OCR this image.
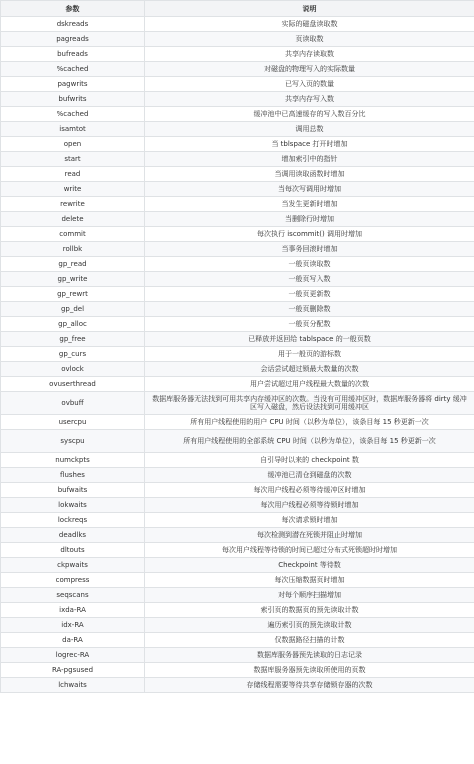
参数	说明
dskreads	实际的磁盘读取数
pagreads	页读取数
bufreads	共享内存读取数
%cached	对磁盘的物理写入的实际数量
pagwrits	已写入页的数量
bufwrits	共享内存写入数
%cached	缓冲池中已高速缓存的写入数百分比
isamtot	调用总数
open	当 tblspace 打开时增加
start	增加索引中的指针
read	当调用读取函数时增加
write	当每次写调用时增加
rewrite	当发生更新时增加
delete	当删除行时增加
commit	每次执行 iscommit() 调用时增加
rollbk	当事务回滚时增加
gp_read	一般页读取数
gp_write	一般页写入数
gp_rewrt	一般页更新数
gp_del	一般页删除数
gp_alloc	一般页分配数
gp_free	已释放并返回给 tablspace 的一般页数
gp_curs	用于一般页的游标数
ovlock	会话尝试超过锁最大数量的次数
ovuserthread	用户尝试超过用户线程最大数量的次数
ovbuff	数据库服务器无法找到可用共享内存缓冲区的次数。当没有可用缓冲区时，数据库服务器将 dirty 缓冲区写入磁盘，然后设法找到可用缓冲区
usercpu	所有用户线程使用的用户 CPU 时间（以秒为单位），该条目每 15 秒更新一次
syscpu	所有用户线程使用的全部系统 CPU 时间（以秒为单位），该条目每 15 秒更新一次
numckpts	自引导时以来的 checkpoint 数
flushes	缓冲池已清仓到磁盘的次数
bufwaits	每次用户线程必须等待缓冲区时增加
lokwaits	每次用户线程必须等待锁时增加
lockreqs	每次请求锁时增加
deadlks	每次检测到潜在死锁并阻止时增加
dltouts	每次用户线程等待锁的时间已超过分布式死锁超时时增加
ckpwaits	Checkpoint 等待数
compress	每次压缩数据页时增加
seqscans	对每个顺序扫描增加
ixda-RA	索引页的数据页的预先读取计数
idx-RA	遍历索引页的预先读取计数
da-RA	仅数据路径扫描的计数
logrec-RA	数据库服务器预先读取的日志记录
RA-pgsused	数据库服务器预先读取所使用的页数
lchwaits	存储线程需要等待共享存储锁存器的次数
